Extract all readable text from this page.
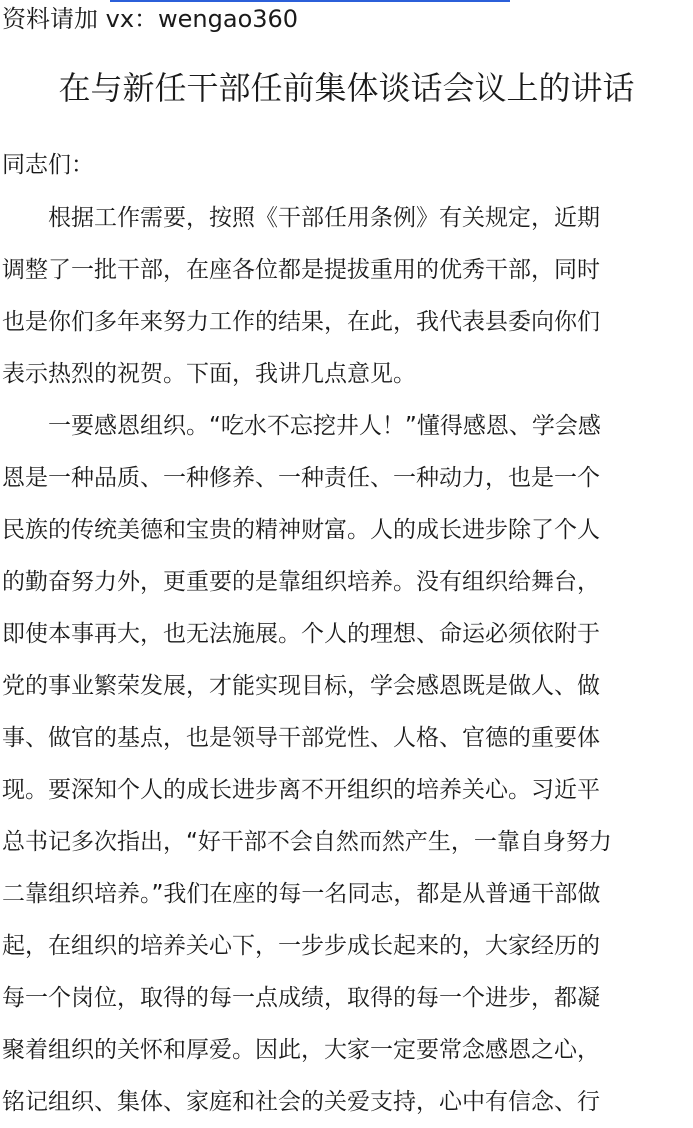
资料请加 vx：wengao360
在与新任干部任前集体谈话会议上的讲话
同志们：

　　根据工作需要，按照《干部任用条例》有关规定，近期
调整了一批干部，在座各位都是提拔重用的优秀干部，同时
也是你们多年来努力工作的结果，在此，我代表县委向你们
表示热烈的祝贺。下面，我讲几点意见。

　　一要感恩组织。“吃水不忘挖井人！”懂得感恩、学会感
恩是一种品质、一种修养、一种责任、一种动力，也是一个
民族的传统美德和宝贵的精神财富。人的成长进步除了个人
的勤奋努力外，更重要的是靠组织培养。没有组织给舞台，
即使本事再大，也无法施展。个人的理想、命运必须依附于
党的事业繁荣发展，才能实现目标，学会感恩既是做人、做
事、做官的基点，也是领导干部党性、人格、官德的重要体
现。要深知个人的成长进步离不开组织的培养关心。习近平
总书记多次指出，“好干部不会自然而然产生，一靠自身努力
二靠组织培养。”我们在座的每一名同志，都是从普通干部做
起，在组织的培养关心下，一步步成长起来的，大家经历的
每一个岗位，取得的每一点成绩，取得的每一个进步，都凝
聚着组织的关怀和厚爱。因此，大家一定要常念感恩之心，
铭记组织、集体、家庭和社会的关爱支持，心中有信念、行
